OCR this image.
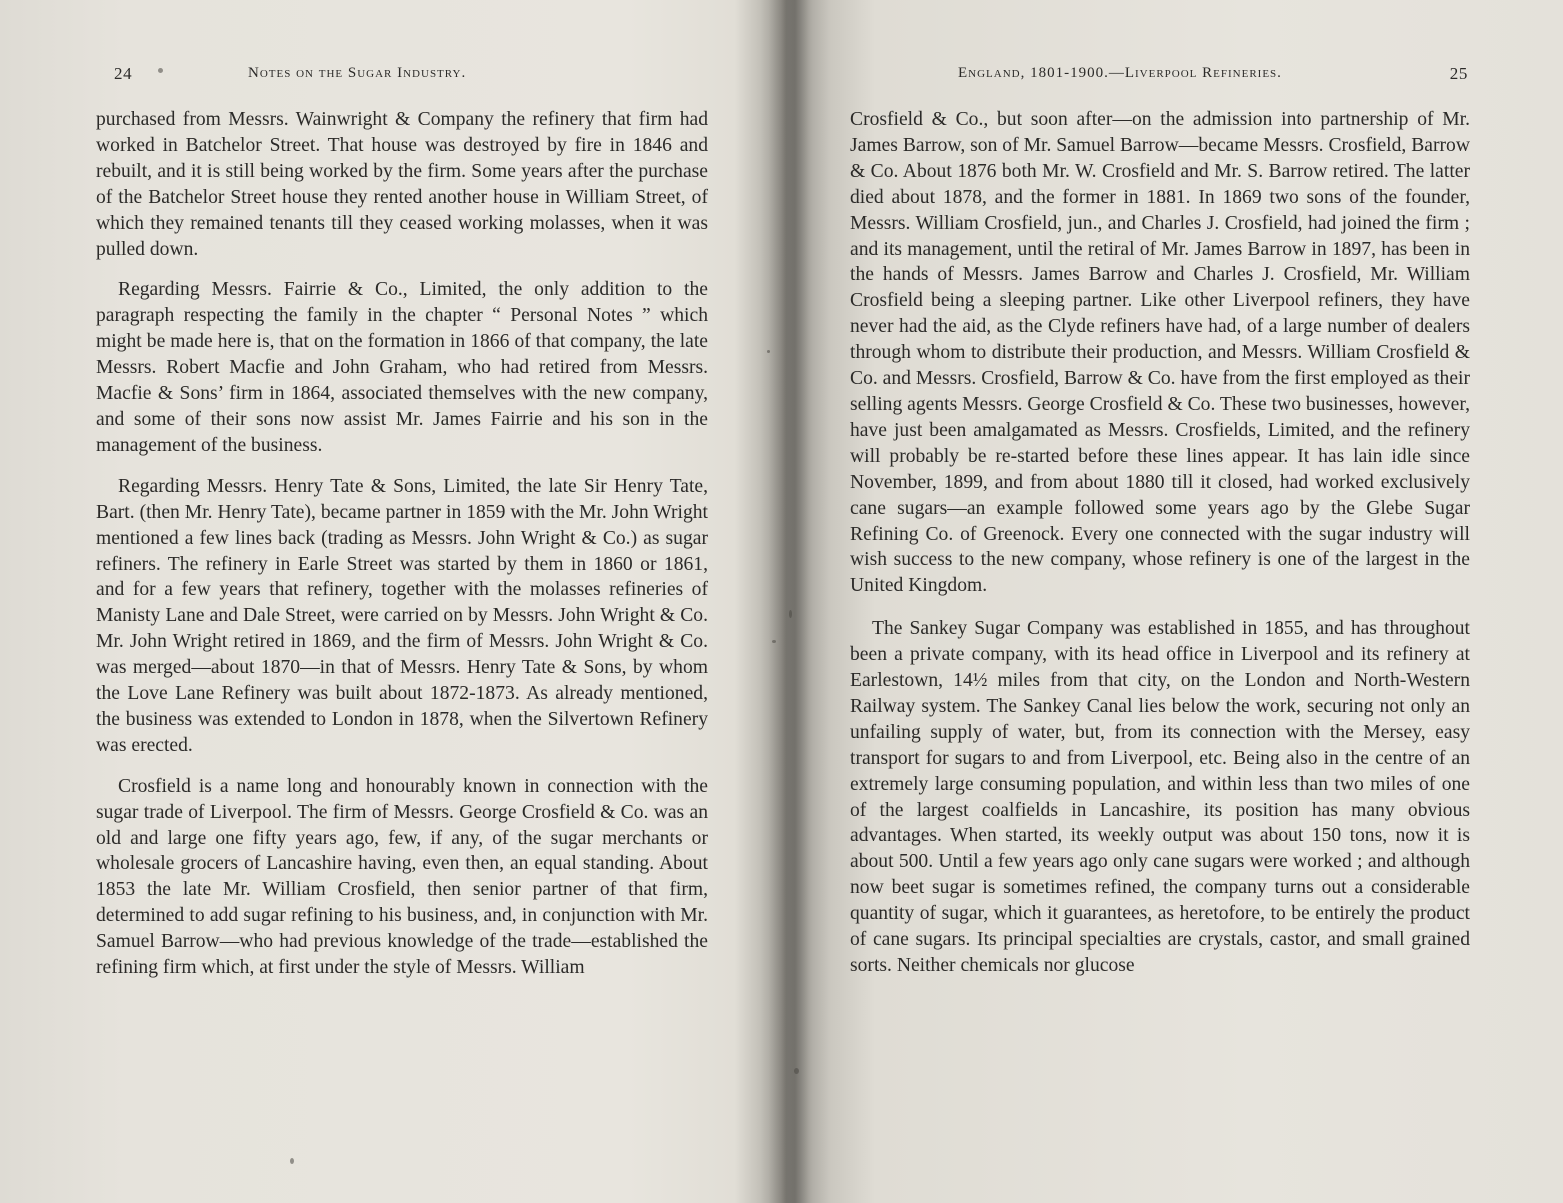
24	Notes on the Sugar Industry.

purchased from Messrs. Wainwright & Company the refinery that firm had worked in Batchelor Street. That house was destroyed by fire in 1846 and rebuilt, and it is still being worked by the firm. Some years after the purchase of the Batchelor Street house they rented another house in William Street, of which they remained tenants till they ceased working molasses, when it was pulled down.

Regarding Messrs. Fairrie & Co., Limited, the only addition to the paragraph respecting the family in the chapter “ Personal Notes ” which might be made here is, that on the formation in 1866 of that company, the late Messrs. Robert Macfie and John Graham, who had retired from Messrs. Macfie & Sons’ firm in 1864, associated themselves with the new company, and some of their sons now assist Mr. James Fairrie and his son in the management of the business.

Regarding Messrs. Henry Tate & Sons, Limited, the late Sir Henry Tate, Bart. (then Mr. Henry Tate), became partner in 1859 with the Mr. John Wright mentioned a few lines back (trading as Messrs. John Wright & Co.) as sugar refiners. The refinery in Earle Street was started by them in 1860 or 1861, and for a few years that refinery, together with the molasses refineries of Manisty Lane and Dale Street, were carried on by Messrs. John Wright & Co. Mr. John Wright retired in 1869, and the firm of Messrs. John Wright & Co. was merged—about 1870—in that of Messrs. Henry Tate & Sons, by whom the Love Lane Refinery was built about 1872-1873. As already mentioned, the business was extended to London in 1878, when the Silvertown Refinery was erected.

Crosfield is a name long and honourably known in connection with the sugar trade of Liverpool. The firm of Messrs. George Crosfield & Co. was an old and large one fifty years ago, few, if any, of the sugar merchants or wholesale grocers of Lancashire having, even then, an equal standing. About 1853 the late Mr. William Crosfield, then senior partner of that firm, determined to add sugar refining to his business, and, in conjunction with Mr. Samuel Barrow—who had previous knowledge of the trade—established the refining firm which, at first under the style of Messrs. William

England, 1801-1900.—Liverpool Refineries.	25

Crosfield & Co., but soon after—on the admission into partnership of Mr. James Barrow, son of Mr. Samuel Barrow—became Messrs. Crosfield, Barrow & Co. About 1876 both Mr. W. Crosfield and Mr. S. Barrow retired. The latter died about 1878, and the former in 1881. In 1869 two sons of the founder, Messrs. William Crosfield, jun., and Charles J. Crosfield, had joined the firm ; and its management, until the retiral of Mr. James Barrow in 1897, has been in the hands of Messrs. James Barrow and Charles J. Crosfield, Mr. William Crosfield being a sleeping partner. Like other Liverpool refiners, they have never had the aid, as the Clyde refiners have had, of a large number of dealers through whom to distribute their production, and Messrs. William Crosfield & Co. and Messrs. Crosfield, Barrow & Co. have from the first employed as their selling agents Messrs. George Crosfield & Co. These two businesses, however, have just been amalgamated as Messrs. Crosfields, Limited, and the refinery will probably be re-started before these lines appear. It has lain idle since November, 1899, and from about 1880 till it closed, had worked exclusively cane sugars—an example followed some years ago by the Glebe Sugar Refining Co. of Greenock. Every one connected with the sugar industry will wish success to the new company, whose refinery is one of the largest in the United Kingdom.

The Sankey Sugar Company was established in 1855, and has throughout been a private company, with its head office in Liverpool and its refinery at Earlestown, 14½ miles from that city, on the London and North-Western Railway system. The Sankey Canal lies below the work, securing not only an unfailing supply of water, but, from its connection with the Mersey, easy transport for sugars to and from Liverpool, etc. Being also in the centre of an extremely large consuming population, and within less than two miles of one of the largest coalfields in Lancashire, its position has many obvious advantages. When started, its weekly output was about 150 tons, now it is about 500. Until a few years ago only cane sugars were worked ; and although now beet sugar is sometimes refined, the company turns out a considerable quantity of sugar, which it guarantees, as heretofore, to be entirely the product of cane sugars. Its principal specialties are crystals, castor, and small grained sorts. Neither chemicals nor glucose
